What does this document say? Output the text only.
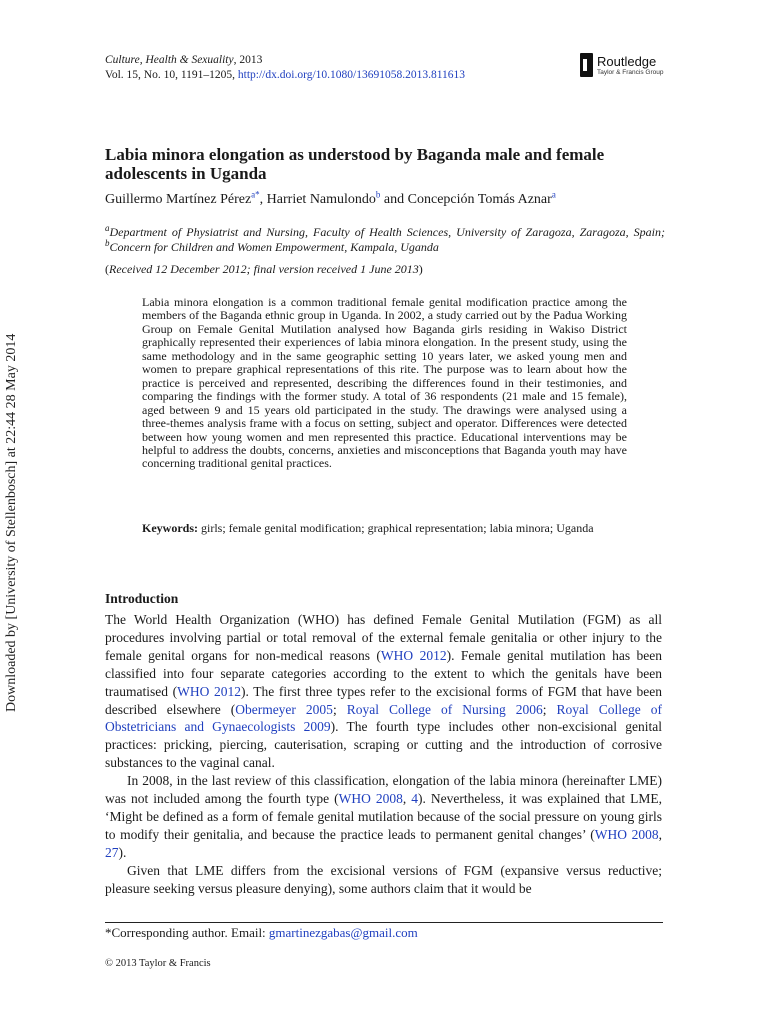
Downloaded by [University of Stellenbosch] at 22:44 28 May 2014
Culture, Health & Sexuality, 2013
Vol. 15, No. 10, 1191–1205, http://dx.doi.org/10.1080/13691058.2013.811613
Routledge
Taylor & Francis Group
Labia minora elongation as understood by Baganda male and female adolescents in Uganda
Guillermo Martínez Pérez$^{a*}$, Harriet Namulondo$^b$ and Concepción Tomás Aznar$^a$
$^a$Department of Physiatrist and Nursing, Faculty of Health Sciences, University of Zaragoza, Zaragoza, Spain; $^b$Concern for Children and Women Empowerment, Kampala, Uganda
(Received 12 December 2012; final version received 1 June 2013)

Labia minora elongation is a common traditional female genital modification practice among the members of the Baganda ethnic group in Uganda. In 2002, a study carried out by the Padua Working Group on Female Genital Mutilation analysed how Baganda girls residing in Wakiso District graphically represented their experiences of labia minora elongation. In the present study, using the same methodology and in the same geographic setting 10 years later, we asked young men and women to prepare graphical representations of this rite. The purpose was to learn about how the practice is perceived and represented, describing the differences found in their testimonies, and comparing the findings with the former study. A total of 36 respondents (21 male and 15 female), aged between 9 and 15 years old participated in the study. The drawings were analysed using a three-themes analysis frame with a focus on setting, subject and operator. Differences were detected between how young women and men represented this practice. Educational interventions may be helpful to address the doubts, concerns, anxieties and misconceptions that Baganda youth may have concerning traditional genital practices.

Keywords: girls; female genital modification; graphical representation; labia minora; Uganda
Introduction

The World Health Organization (WHO) has defined Female Genital Mutilation (FGM) as all procedures involving partial or total removal of the external female genitalia or other injury to the female genital organs for non-medical reasons (WHO 2012). Female genital mutilation has been classified into four separate categories according to the extent to which the genitals have been traumatised (WHO 2012). The first three types refer to the excisional forms of FGM that have been described elsewhere (Obermeyer 2005; Royal College of Nursing 2006; Royal College of Obstetricians and Gynaecologists 2009). The fourth type includes other non-excisional genital practices: pricking, piercing, cauterisation, scraping or cutting and the introduction of corrosive substances to the vaginal canal.

In 2008, in the last review of this classification, elongation of the labia minora (hereinafter LME) was not included among the fourth type (WHO 2008, 4). Nevertheless, it was explained that LME, ‘Might be defined as a form of female genital mutilation because of the social pressure on young girls to modify their genitalia, and because the practice leads to permanent genital changes’ (WHO 2008, 27).

Given that LME differs from the excisional versions of FGM (expansive versus reductive; pleasure seeking versus pleasure denying), some authors claim that it would be

*Corresponding author. Email: gmartinezgabas@gmail.com
© 2013 Taylor & Francis
